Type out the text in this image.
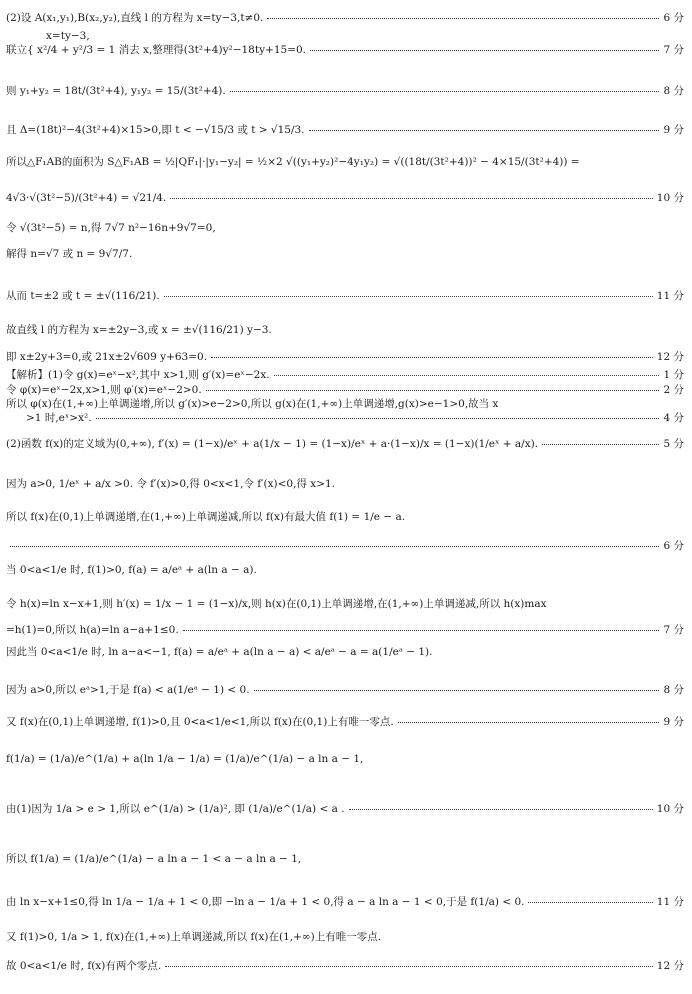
(2)设 A(x₁,y₁),B(x₂,y₂),直线 l 的方程为 x=ty−3,t≠0.	6 分
x=ty−3,
联立{ x²/4 + y²/3 = 1 消去 x,整理得(3t²+4)y²−18ty+15=0.	7 分
则 y₁+y₂ = 18t/(3t²+4), y₁y₂ = 15/(3t²+4).	8 分
且 Δ=(18t)²−4(3t²+4)×15>0,即 t < −√15/3 或 t > √15/3.	9 分
所以△F₁AB的面积为 S△F₁AB = ½|QF₁|·|y₁−y₂| = ½×2 √((y₁+y₂)²−4y₁y₂) = √((18t/(3t²+4))² − 4×15/(3t²+4)) =
4√3·√(3t²−5)/(3t²+4) = √21/4.	10 分
令 √(3t²−5) = n,得 7√7 n²−16n+9√7=0,
解得 n=√7 或 n = 9√7/7.
从而 t=±2 或 t = ±√(116/21).	11 分
故直线 l 的方程为 x=±2y−3,或 x = ±√(116/21) y−3.
即 x±2y+3=0,或 21x±2√609 y+63=0.	12 分
【解析】(1)令 g(x)=eˣ−x²,其中 x>1,则 g′(x)=eˣ−2x.	1 分
令 φ(x)=eˣ−2x,x>1,则 φ′(x)=eˣ−2>0.	2 分
所以 φ(x)在(1,+∞)上单调递增,所以 g′(x)>e−2>0,所以 g(x)在(1,+∞)上单调递增,g(x)>e−1>0,故当 x
>1 时,eˣ>x².	4 分
(2)函数 f(x)的定义域为(0,+∞), f′(x) = (1−x)/eˣ + a(1/x − 1) = (1−x)/eˣ + a·(1−x)/x = (1−x)(1/eˣ + a/x).	5 分
因为 a>0, 1/eˣ + a/x >0. 令 f′(x)>0,得 0<x<1,令 f′(x)<0,得 x>1.
所以 f(x)在(0,1)上单调递增,在(1,+∞)上单调递减,所以 f(x)有最大值 f(1) = 1/e − a.
6 分
当 0<a<1/e 时, f(1)>0, f(a) = a/eᵃ + a(ln a − a).
令 h(x)=ln x−x+1,则 h′(x) = 1/x − 1 = (1−x)/x,则 h(x)在(0,1)上单调递增,在(1,+∞)上单调递减,所以 h(x)max
=h(1)=0,所以 h(a)=ln a−a+1≤0.	7 分
因此当 0<a<1/e 时, ln a−a<−1, f(a) = a/eᵃ + a(ln a − a) < a/eᵃ − a = a(1/eᵃ − 1).
因为 a>0,所以 eᵃ>1,于是 f(a) < a(1/eᵃ − 1) < 0.	8 分
又 f(x)在(0,1)上单调递增, f(1)>0,且 0<a<1/e<1,所以 f(x)在(0,1)上有唯一零点.	9 分
f(1/a) = (1/a)/e^(1/a) + a(ln 1/a − 1/a) = (1/a)/e^(1/a) − a ln a − 1,
由(1)因为 1/a > e > 1,所以 e^(1/a) > (1/a)², 即 (1/a)/e^(1/a) < a .	10 分
所以 f(1/a) = (1/a)/e^(1/a) − a ln a − 1 < a − a ln a − 1,
由 ln x−x+1≤0,得 ln 1/a − 1/a + 1 < 0,即 −ln a − 1/a + 1 < 0,得 a − a ln a − 1 < 0,于是 f(1/a) < 0.	11 分
又 f(1)>0, 1/a > 1, f(x)在(1,+∞)上单调递减,所以 f(x)在(1,+∞)上有唯一零点.
故 0<a<1/e 时, f(x)有两个零点.	12 分
